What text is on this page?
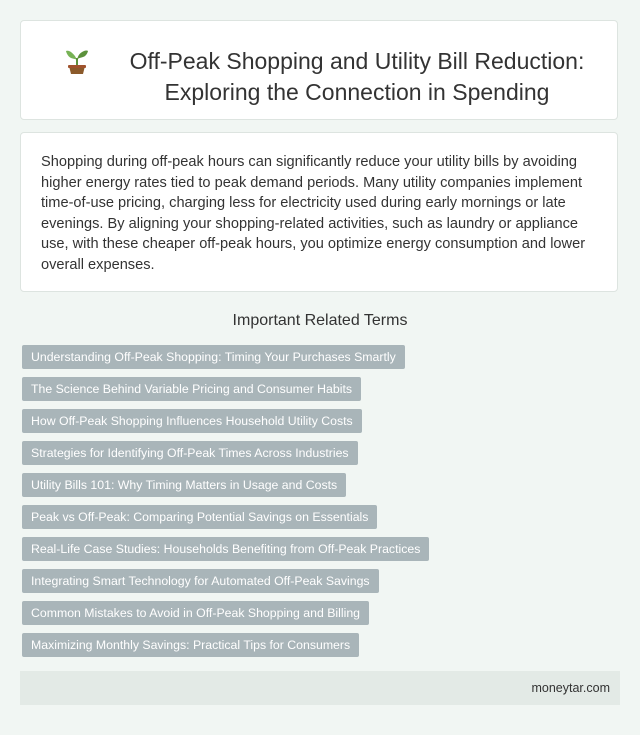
Off-Peak Shopping and Utility Bill Reduction: Exploring the Connection in Spending

Shopping during off-peak hours can significantly reduce your utility bills by avoiding higher energy rates tied to peak demand periods. Many utility companies implement time-of-use pricing, charging less for electricity used during early mornings or late evenings. By aligning your shopping-related activities, such as laundry or appliance use, with these cheaper off-peak hours, you optimize energy consumption and lower overall expenses.

Important Related Terms
Understanding Off-Peak Shopping: Timing Your Purchases Smartly
The Science Behind Variable Pricing and Consumer Habits
How Off-Peak Shopping Influences Household Utility Costs
Strategies for Identifying Off-Peak Times Across Industries
Utility Bills 101: Why Timing Matters in Usage and Costs
Peak vs Off-Peak: Comparing Potential Savings on Essentials
Real-Life Case Studies: Households Benefiting from Off-Peak Practices
Integrating Smart Technology for Automated Off-Peak Savings
Common Mistakes to Avoid in Off-Peak Shopping and Billing
Maximizing Monthly Savings: Practical Tips for Consumers
moneytar.com
